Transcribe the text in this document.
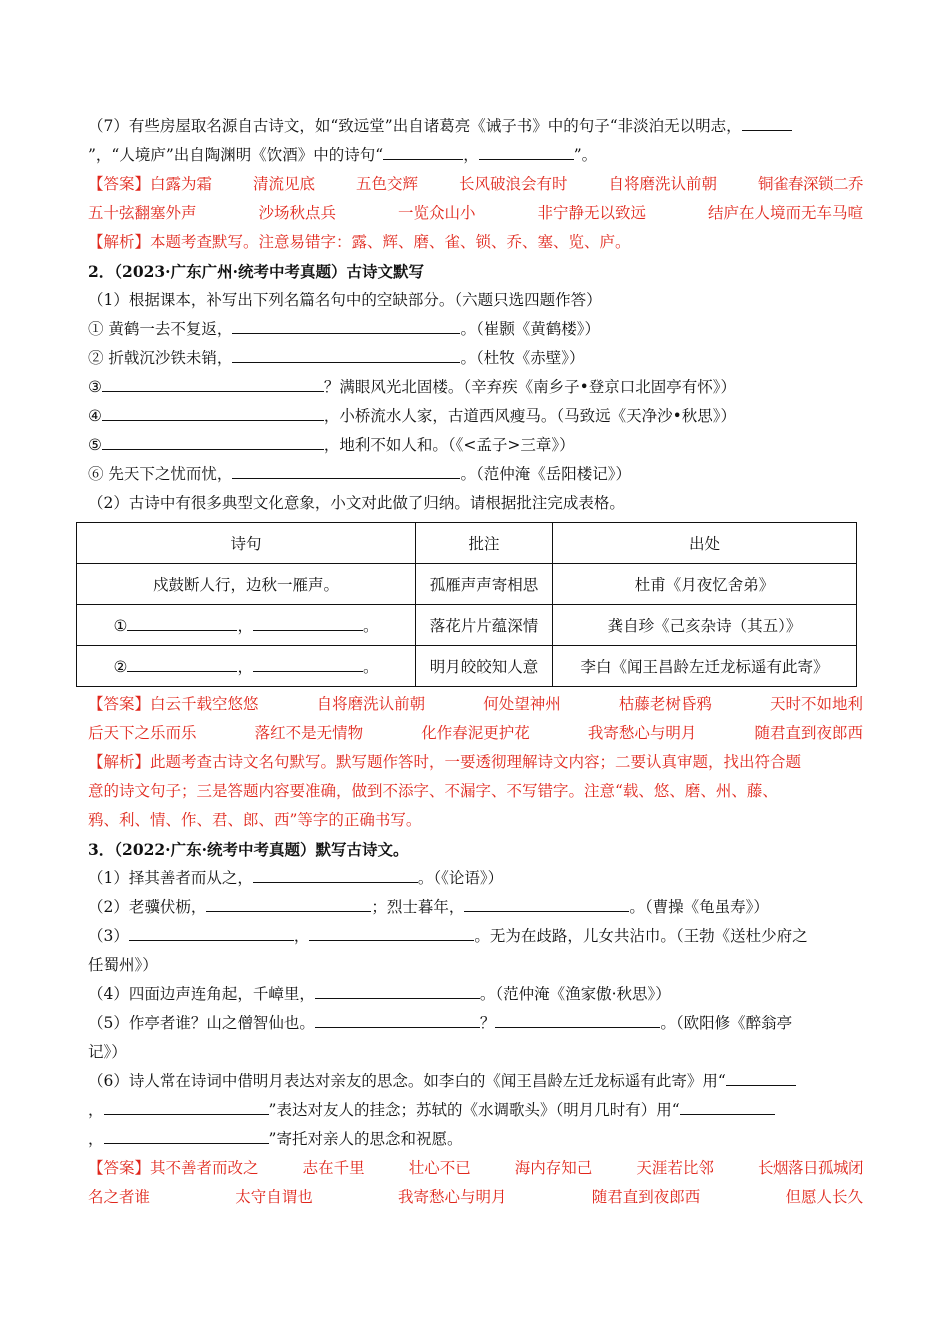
（7）有些房屋取名源自古诗文，如“致远堂”出自诸葛亮《诫子书》中的句子“非淡泊无以明志，
”，“人境庐”出自陶渊明《饮酒》中的诗句“	，	”。
【答案】白露为霜	清流见底	五色交辉	长风破浪会有时	自将磨洗认前朝	铜雀春深锁二乔
五十弦翻塞外声	沙场秋点兵	一览众山小	非宁静无以致远	结庐在人境而无车马喧
【解析】本题考查默写。注意易错字：露、辉、磨、雀、锁、乔、塞、览、庐。
2．（2023·广东广州·统考中考真题）古诗文默写
（1）根据课本，补写出下列名篇名句中的空缺部分。（六题只选四题作答）
① 黄鹤一去不复返，	。（崔颢《黄鹤楼》）
② 折戟沉沙铁未销，	。（杜牧《赤壁》）
③	？满眼风光北固楼。（辛弃疾《南乡子•登京口北固亭有怀》）
④	，小桥流水人家，古道西风瘦马。（马致远《天净沙•秋思》）
⑤	，地利不如人和。（《<孟子>三章》）
⑥ 先天下之忧而忧，	。（范仲淹《岳阳楼记》）
（2）古诗中有很多典型文化意象，小文对此做了归纳。请根据批注完成表格。
诗句	批注	出处
戍鼓断人行，边秋一雁声。	孤雁声声寄相思	杜甫《月夜忆舍弟》
① ， 。	落花片片蕴深情	龚自珍《己亥杂诗（其五）》
② ， 。	明月皎皎知人意	李白《闻王昌龄左迁龙标遥有此寄》
【答案】白云千载空悠悠	自将磨洗认前朝	何处望神州	枯藤老树昏鸦	天时不如地利
后天下之乐而乐	落红不是无情物	化作春泥更护花	我寄愁心与明月	随君直到夜郎西
【解析】此题考查古诗文名句默写。默写题作答时，一要透彻理解诗文内容；二要认真审题，找出符合题
意的诗文句子；三是答题内容要准确，做到不添字、不漏字、不写错字。注意“载、悠、磨、州、藤、
鸦、利、情、作、君、郎、西”等字的正确书写。
3．（2022·广东·统考中考真题）默写古诗文。
（1）择其善者而从之，	。（《论语》）
（2）老骥伏枥，	；烈士暮年，	。（曹操《龟虽寿》）
（3）	，	。无为在歧路，儿女共沾巾。（王勃《送杜少府之
任蜀州》）
（4）四面边声连角起，千嶂里，	。（范仲淹《渔家傲·秋思》）
（5）作亭者谁？山之僧智仙也。	？	。（欧阳修《醉翁亭
记》）
（6）诗人常在诗词中借明月表达对亲友的思念。如李白的《闻王昌龄左迁龙标遥有此寄》用“
，	”表达对友人的挂念；苏轼的《水调歌头》（明月几时有）用“
，	”寄托对亲人的思念和祝愿。
【答案】其不善者而改之	志在千里	壮心不已	海内存知己	天涯若比邻	长烟落日孤城闭
名之者谁	太守自谓也	我寄愁心与明月	随君直到夜郎西	但愿人长久
